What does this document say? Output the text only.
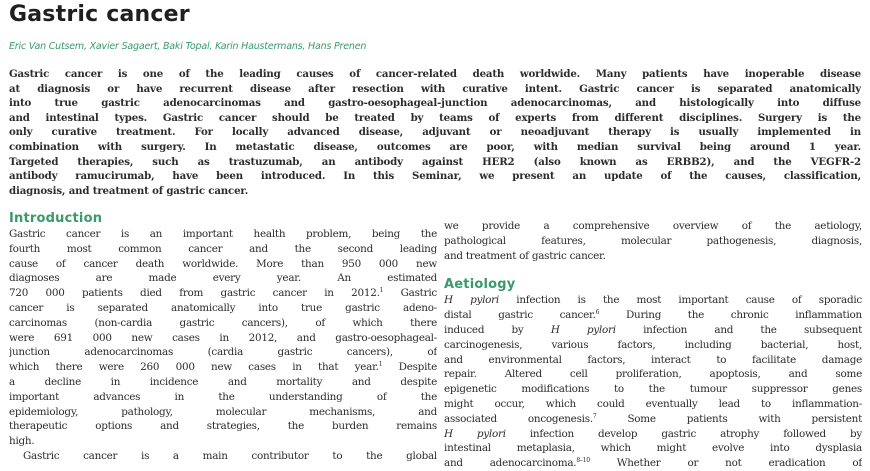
Gastric cancer
Eric Van Cutsem, Xavier Sagaert, Baki Topal, Karin Haustermans, Hans Prenen
Gastric cancer is one of the leading causes of cancer-related death worldwide. Many patients have inoperable disease
at diagnosis or have recurrent disease after resection with curative intent. Gastric cancer is separated anatomically
into true gastric adenocarcinomas and gastro-oesophageal-junction adenocarcinomas, and histologically into diffuse
and intestinal types. Gastric cancer should be treated by teams of experts from different disciplines. Surgery is the
only curative treatment. For locally advanced disease, adjuvant or neoadjuvant therapy is usually implemented in
combination with surgery. In metastatic disease, outcomes are poor, with median survival being around 1 year.
Targeted therapies, such as trastuzumab, an antibody against HER2 (also known as ERBB2), and the VEGFR-2
antibody ramucirumab, have been introduced. In this Seminar, we present an update of the causes, classification,
diagnosis, and treatment of gastric cancer.
Introduction
Gastric cancer is an important health problem, being the
fourth most common cancer and the second leading
cause of cancer death worldwide. More than 950 000 new
diagnoses are made every year. An estimated
720 000 patients died from gastric cancer in 2012.$^1$ Gastric
cancer is separated anatomically into true gastric adeno-
carcinomas (non-cardia gastric cancers), of which there
were 691 000 new cases in 2012, and gastro-oesophageal-
junction adenocarcinomas (cardia gastric cancers), of
which there were 260 000 new cases in that year.$^1$ Despite
a decline in incidence and mortality and despite
important advances in the understanding of the
epidemiology, pathology, molecular mechanisms, and
therapeutic options and strategies, the burden remains
high.
Gastric cancer is a main contributor to the global
we provide a comprehensive overview of the aetiology,
pathological features, molecular pathogenesis, diagnosis,
and treatment of gastric cancer.
Aetiology
H pylori infection is the most important cause of sporadic
distal gastric cancer.$^6$	During the chronic inflammation
induced by	H pylori	infection and the subsequent
carcinogenesis, various factors, including bacterial, host,
and environmental factors, interact to facilitate damage
repair. Altered cell proliferation, apoptosis, and some
epigenetic modifications to the tumour suppressor genes
might occur, which could eventually lead to inflammation-
associated oncogenesis.$^7$	Some patients with persistent
H pylori infection develop gastric atrophy followed by
intestinal metaplasia, which might evolve into dysplasia
and adenocarcinoma.$^{8-10}$	Whether or not eradication of
